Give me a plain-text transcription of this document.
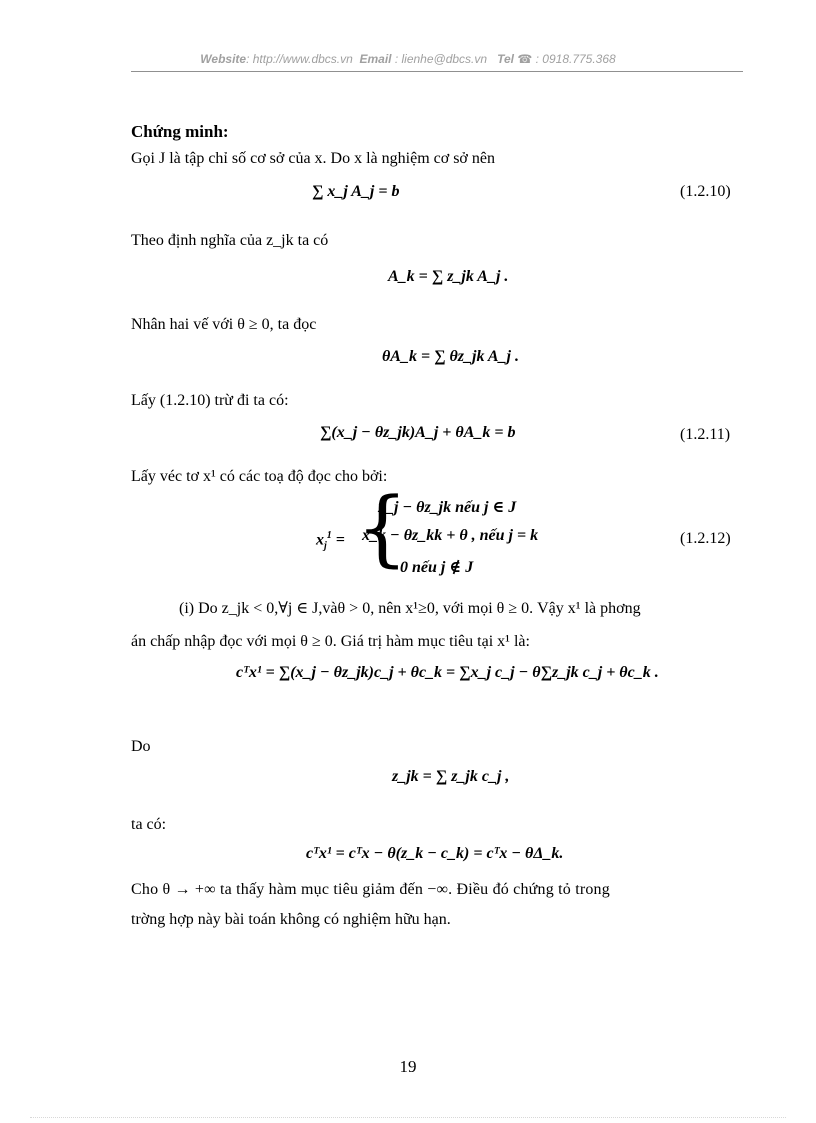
Website: http://www.dbcs.vn Email : lienhe@dbcs.vn Tel ☎ : 0918.775.368
Chứng minh:
Gọi J là tập chỉ số cơ sở của x. Do x là nghiệm cơ sở nên
∑ x_j A_j = b	(1.2.10)
Theo định nghĩa của z_jk ta có
A_k = ∑ z_jk A_j .
Nhân hai vế với θ ≥ 0, ta đọc
θA_k = ∑ θz_jk A_j .
Lấy (1.2.10) trừ đi ta có:
∑(x_j − θz_jk)A_j + θA_k = b	(1.2.11)
Lấy véc tơ x¹ có các toạ độ đọc cho bởi:
$x_j^1$ = {
x_j − θz_jk nếu j ∈ J
x_k − θz_kk + θ , nếu j = k
0 nếu j ∉ J
(1.2.12)
(i) Do z_jk < 0,∀j ∈ J,vàθ > 0, nên x¹≥0, với mọi θ ≥ 0. Vậy x¹ là phơng
án chấp nhập đọc với mọi θ ≥ 0. Giá trị hàm mục tiêu tại x¹ là:
cᵀx¹ = ∑(x_j − θz_jk)c_j + θc_k = ∑x_j c_j − θ∑z_jk c_j + θc_k .
Do
z_jk = ∑ z_jk c_j ,
ta có:
cᵀx¹ = cᵀx − θ(z_k − c_k) = cᵀx − θΔ_k.
Cho θ → +∞ ta thấy hàm mục tiêu giảm đến −∞. Điều đó chứng tỏ trong
trờng hợp này bài toán không có nghiệm hữu hạn.
19
